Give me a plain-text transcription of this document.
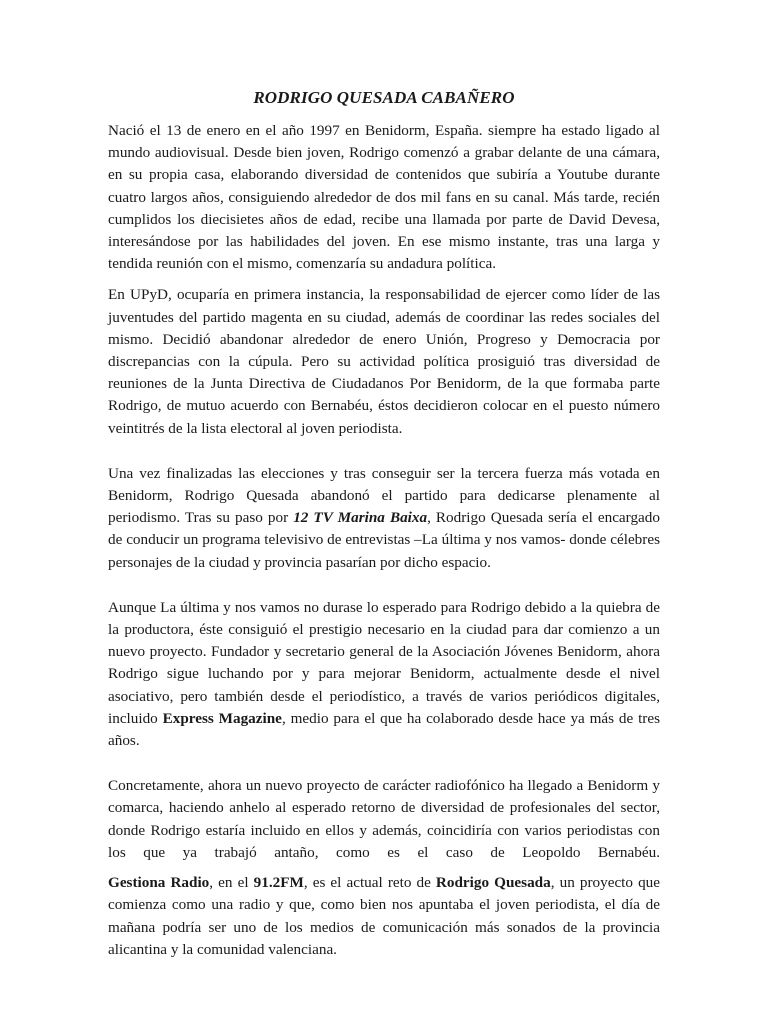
RODRIGO QUESADA CABAÑERO

Nació el 13 de enero en el año 1997 en Benidorm, España. siempre ha estado ligado al mundo audiovisual. Desde bien joven, Rodrigo comenzó a grabar delante de una cámara, en su propia casa, elaborando diversidad de contenidos que subiría a Youtube durante cuatro largos años, consiguiendo alrededor de dos mil fans en su canal. Más tarde, recién cumplidos los diecisietes años de edad, recibe una llamada por parte de David Devesa, interesándose por las habilidades del joven. En ese mismo instante, tras una larga y tendida reunión con el mismo, comenzaría su andadura política.

En UPyD, ocuparía en primera instancia, la responsabilidad de ejercer como líder de las juventudes del partido magenta en su ciudad, además de coordinar las redes sociales del mismo. Decidió abandonar alrededor de enero Unión, Progreso y Democracia por discrepancias con la cúpula. Pero su actividad política prosiguió tras diversidad de reuniones de la Junta Directiva de Ciudadanos Por Benidorm, de la que formaba parte Rodrigo, de mutuo acuerdo con Bernabéu, éstos decidieron colocar en el puesto número veintitrés de la lista electoral al joven periodista.

Una vez finalizadas las elecciones y tras conseguir ser la tercera fuerza más votada en Benidorm, Rodrigo Quesada abandonó el partido para dedicarse plenamente al periodismo. Tras su paso por 12 TV Marina Baixa, Rodrigo Quesada sería el encargado de conducir un programa televisivo de entrevistas –La última y nos vamos- donde célebres personajes de la ciudad y provincia pasarían por dicho espacio.

Aunque La última y nos vamos no durase lo esperado para Rodrigo debido a la quiebra de la productora, éste consiguió el prestigio necesario en la ciudad para dar comienzo a un nuevo proyecto. Fundador y secretario general de la Asociación Jóvenes Benidorm, ahora Rodrigo sigue luchando por y para mejorar Benidorm, actualmente desde el nivel asociativo, pero también desde el periodístico, a través de varios periódicos digitales, incluido Express Magazine, medio para el que ha colaborado desde hace ya más de tres años.

Concretamente, ahora un nuevo proyecto de carácter radiofónico ha llegado a Benidorm y comarca, haciendo anhelo al esperado retorno de diversidad de profesionales del sector, donde Rodrigo estaría incluido en ellos y además, coincidiría con varios periodistas con los que ya trabajó antaño, como es el caso de Leopoldo Bernabéu.

Gestiona Radio, en el 91.2FM, es el actual reto de Rodrigo Quesada, un proyecto que comienza como una radio y que, como bien nos apuntaba el joven periodista, el día de mañana podría ser uno de los medios de comunicación más sonados de la provincia alicantina y la comunidad valenciana.
